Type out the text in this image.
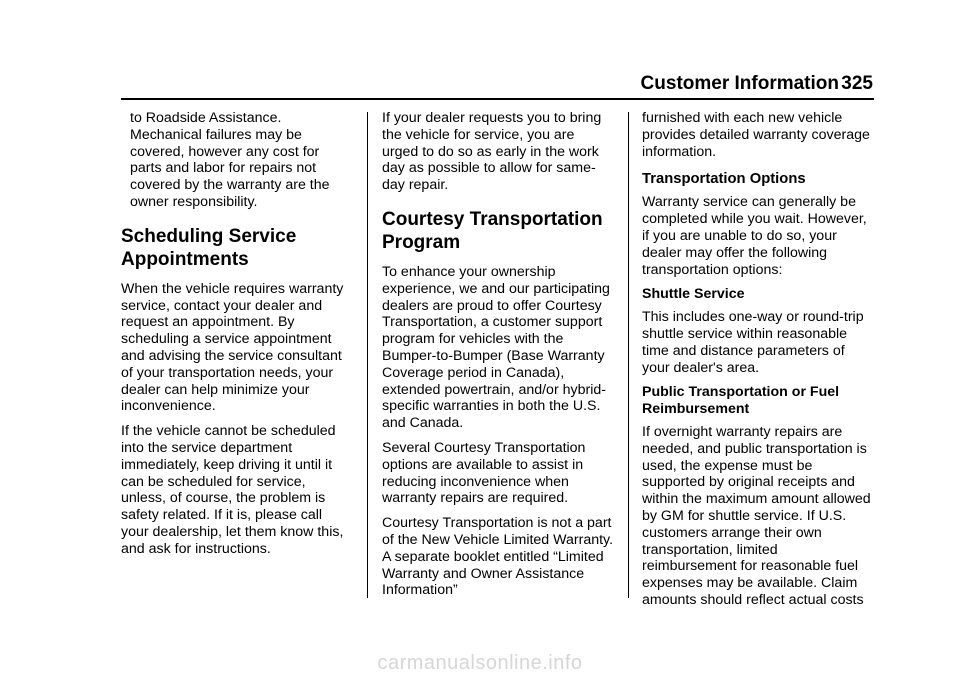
Customer Information 325

to Roadside Assistance. Mechanical failures may be covered, however any cost for parts and labor for repairs not covered by the warranty are the owner responsibility.

Scheduling Service Appointments

When the vehicle requires warranty service, contact your dealer and request an appointment. By scheduling a service appointment and advising the service consultant of your transportation needs, your dealer can help minimize your inconvenience.

If the vehicle cannot be scheduled into the service department immediately, keep driving it until it can be scheduled for service, unless, of course, the problem is safety related. If it is, please call your dealership, let them know this, and ask for instructions.

If your dealer requests you to bring the vehicle for service, you are urged to do so as early in the work day as possible to allow for same-day repair.

Courtesy Transportation Program

To enhance your ownership experience, we and our participating dealers are proud to offer Courtesy Transportation, a customer support program for vehicles with the Bumper-to-Bumper (Base Warranty Coverage period in Canada), extended powertrain, and/or hybrid-specific warranties in both the U.S. and Canada.

Several Courtesy Transportation options are available to assist in reducing inconvenience when warranty repairs are required.

Courtesy Transportation is not a part of the New Vehicle Limited Warranty. A separate booklet entitled “Limited Warranty and Owner Assistance Information”

furnished with each new vehicle provides detailed warranty coverage information.

Transportation Options

Warranty service can generally be completed while you wait. However, if you are unable to do so, your dealer may offer the following transportation options:

Shuttle Service

This includes one-way or round-trip shuttle service within reasonable time and distance parameters of your dealer's area.

Public Transportation or Fuel Reimbursement

If overnight warranty repairs are needed, and public transportation is used, the expense must be supported by original receipts and within the maximum amount allowed by GM for shuttle service. If U.S. customers arrange their own transportation, limited reimbursement for reasonable fuel expenses may be available. Claim amounts should reflect actual costs

carmanualsonline.info
